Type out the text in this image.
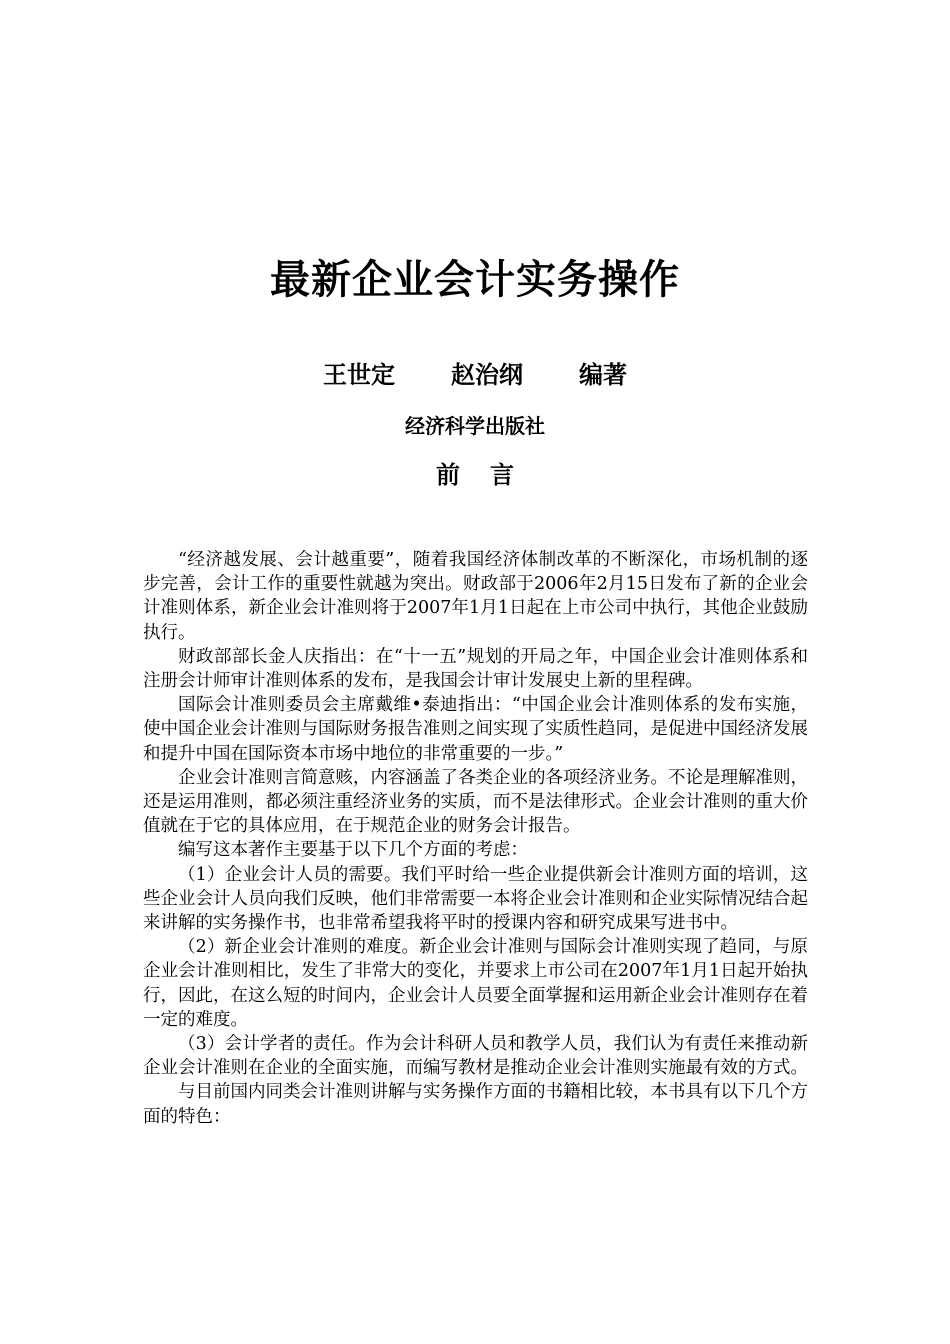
最新企业会计实务操作
王世定 赵治纲 编著
经济科学出版社
前言

“经济越发展、会计越重要”，随着我国经济体制改革的不断深化，市场机制的逐步完善，会计工作的重要性就越为突出。财政部于2006年2月15日发布了新的企业会计准则体系，新企业会计准则将于2007年1月1日起在上市公司中执行，其他企业鼓励执行。

财政部部长金人庆指出：在“十一五”规划的开局之年，中国企业会计准则体系和注册会计师审计准则体系的发布，是我国会计审计发展史上新的里程碑。

国际会计准则委员会主席戴维•泰迪指出：“中国企业会计准则体系的发布实施，使中国企业会计准则与国际财务报告准则之间实现了实质性趋同，是促进中国经济发展和提升中国在国际资本市场中地位的非常重要的一步。”

企业会计准则言简意赅，内容涵盖了各类企业的各项经济业务。不论是理解准则，还是运用准则，都必须注重经济业务的实质，而不是法律形式。企业会计准则的重大价值就在于它的具体应用，在于规范企业的财务会计报告。

编写这本著作主要基于以下几个方面的考虑：

（1）企业会计人员的需要。我们平时给一些企业提供新会计准则方面的培训，这些企业会计人员向我们反映，他们非常需要一本将企业会计准则和企业实际情况结合起来讲解的实务操作书，也非常希望我将平时的授课内容和研究成果写进书中。

（2）新企业会计准则的难度。新企业会计准则与国际会计准则实现了趋同，与原企业会计准则相比，发生了非常大的变化，并要求上市公司在2007年1月1日起开始执行，因此，在这么短的时间内，企业会计人员要全面掌握和运用新企业会计准则存在着一定的难度。

（3）会计学者的责任。作为会计科研人员和教学人员，我们认为有责任来推动新企业会计准则在企业的全面实施，而编写教材是推动企业会计准则实施最有效的方式。

与目前国内同类会计准则讲解与实务操作方面的书籍相比较，本书具有以下几个方面的特色：
